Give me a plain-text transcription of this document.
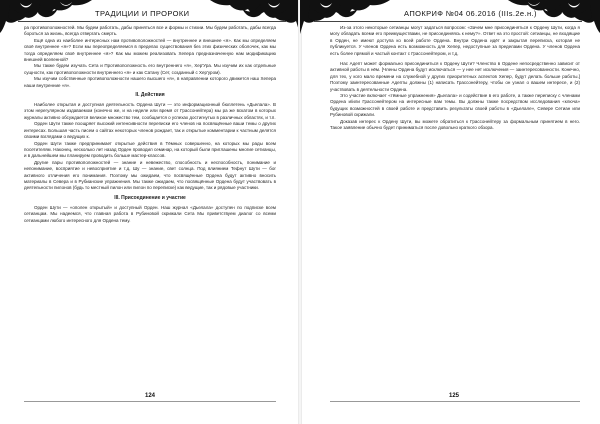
ТРАДИЦИИ И ПРОРОКИ

ра противоположностей. Мы будем работать, дабы приняться все и формы и стихии. Мы будем работать, дабы всегда бороться за жизнь, всегда отвергать смерть.

Ещё одна из наиболее интересных нам противоположностей — внутреннее и внешнее «я». Как мы определяем своё внутреннее «я»? Если мы переопределяемся в пределах существования без этих физических оболочек, как мы тогда определяем своё внутреннее «я»? Как мы можем реализовать Хепера предназначенную нам модификацию внешней вселенной?

Мы также будем изучать Сета и Противоположность его внутреннего «я», Хер'Ура. Мы изучим их как отдельные сущности, как противоположности внутреннего «я» и как Сатану (Сет, созданный с Хер'уром).

Мы изучим собственные противоположности нашего высшего «я», в направлении которого движется наш Хепера наши внутренние «я».

II. Действия

Наиболее открытая и доступная деятельность Ордена Шути — это информационный бюллетень «Дьелала». В этом нерегулярном издаваемом (конечно же, и на неделе или время от Грассонейтера) мы ра же вскатом в которых журналы активно обсуждается великое множество тем, сообщается о успехах достигнутых в различных областях, и т.п.

Орден Шути также поощряет высокий интенсивности переписки его членов на посвящённые ваши темы о других интересах. Большая часть писем о сайтах некоторых членов рождает, так и открытые комментарии к частным делятся своими взглядами о ведущих к.

Орден Шути также предпринимает открытые действия в Тёмных совершенно, на которых мы рады всем посетителям. Наконец, несколько лет назад Орден проводил семинар, на который были приглашены многие сетианцы, и в дальнейшем мы планируем проводить больше мастер-классов.

Другие пары противоположностей — знание и невежество, способность и неспособность, понимание и непонимание, восприятие и невосприятие и т.д. Шу — знание, свет солнца. Под влиянием Тефнут Шути — бог активного отличения его понимания. Поэтому мы ожидаем, что посвящённые Ордена будут активно вносить материалы в Севера и в Рубианские упражнения. Мы также ожидаем, что посвящённые Ордена будут участвовать в деятельности пилонов (будь то местный пилон или пилон по переписке) как ведущие, так и рядовые участники.

III. Присоединение и участие

Орден Шути — «ополен открытый» и доступный Орден. Наш журнал «Дьелала» доступен по подписке всем сетианцам. Мы надеемся, что главная работа в Рубиновой скрижали Сета Мы приветствуем диалог со всеми сетианцами любого интересного для Ордена тему.

124
АПОКРИФ №04 06.2016 (IIIs.2e.н.)

Из-за этого некоторые сетианцы могут задаться вопросом: «Зачем мне присоединяться к Ордену Шути, когда я могу обладать всеми его преимуществами, не присоединяясь к нему?». Ответ на это простой: сетианцы, не входящие в Орден, не имеют доступа ко всей работе Ордена. Внутри Ордена идёт и закрытая переписка, которая не публикуется. У членов Ордена есть возможность для Хепер, недоступные за пределами Ордена. У членов Ордена есть более прямой и частый контакт с Грассонейтером, и т.д.

Нас Адепт может формально присоединиться к Ордену Шути? Членство в Ордене непосредственно зависит от активной работы в нём. [Члены Ордена будут исключаться — у нее нет исключения — заинтересованности. Конечно, для тех, у кого мало времени на служебной у других приоритетных аспектов Хепер, будут делать больше работы.] Поэтому заинтересованные Адепты должны (1) написать Грассонейтеру, чтобы он узнал о вашем интересе, и (2) участвовать в деятельности Ордена.

Это участие включает «тёмные упражнения» Дьелала» и содействие в его работе, а также переписку с членами Ордена и/или Грассонейтером на интересные вам темы. Вы должны также посредством исследования «ключа» будущих возможностей в своей работе и представить результаты своей работы в «Дьелале», Севере Сетиан или Рубиновой скрижали.

Доказав интерес к Ордену Шути, вы можете обратиться к Грассонейтеру за формальным принятием в него. Такое заявление обычно будет приниматься после довольно краткого обзора.

125
